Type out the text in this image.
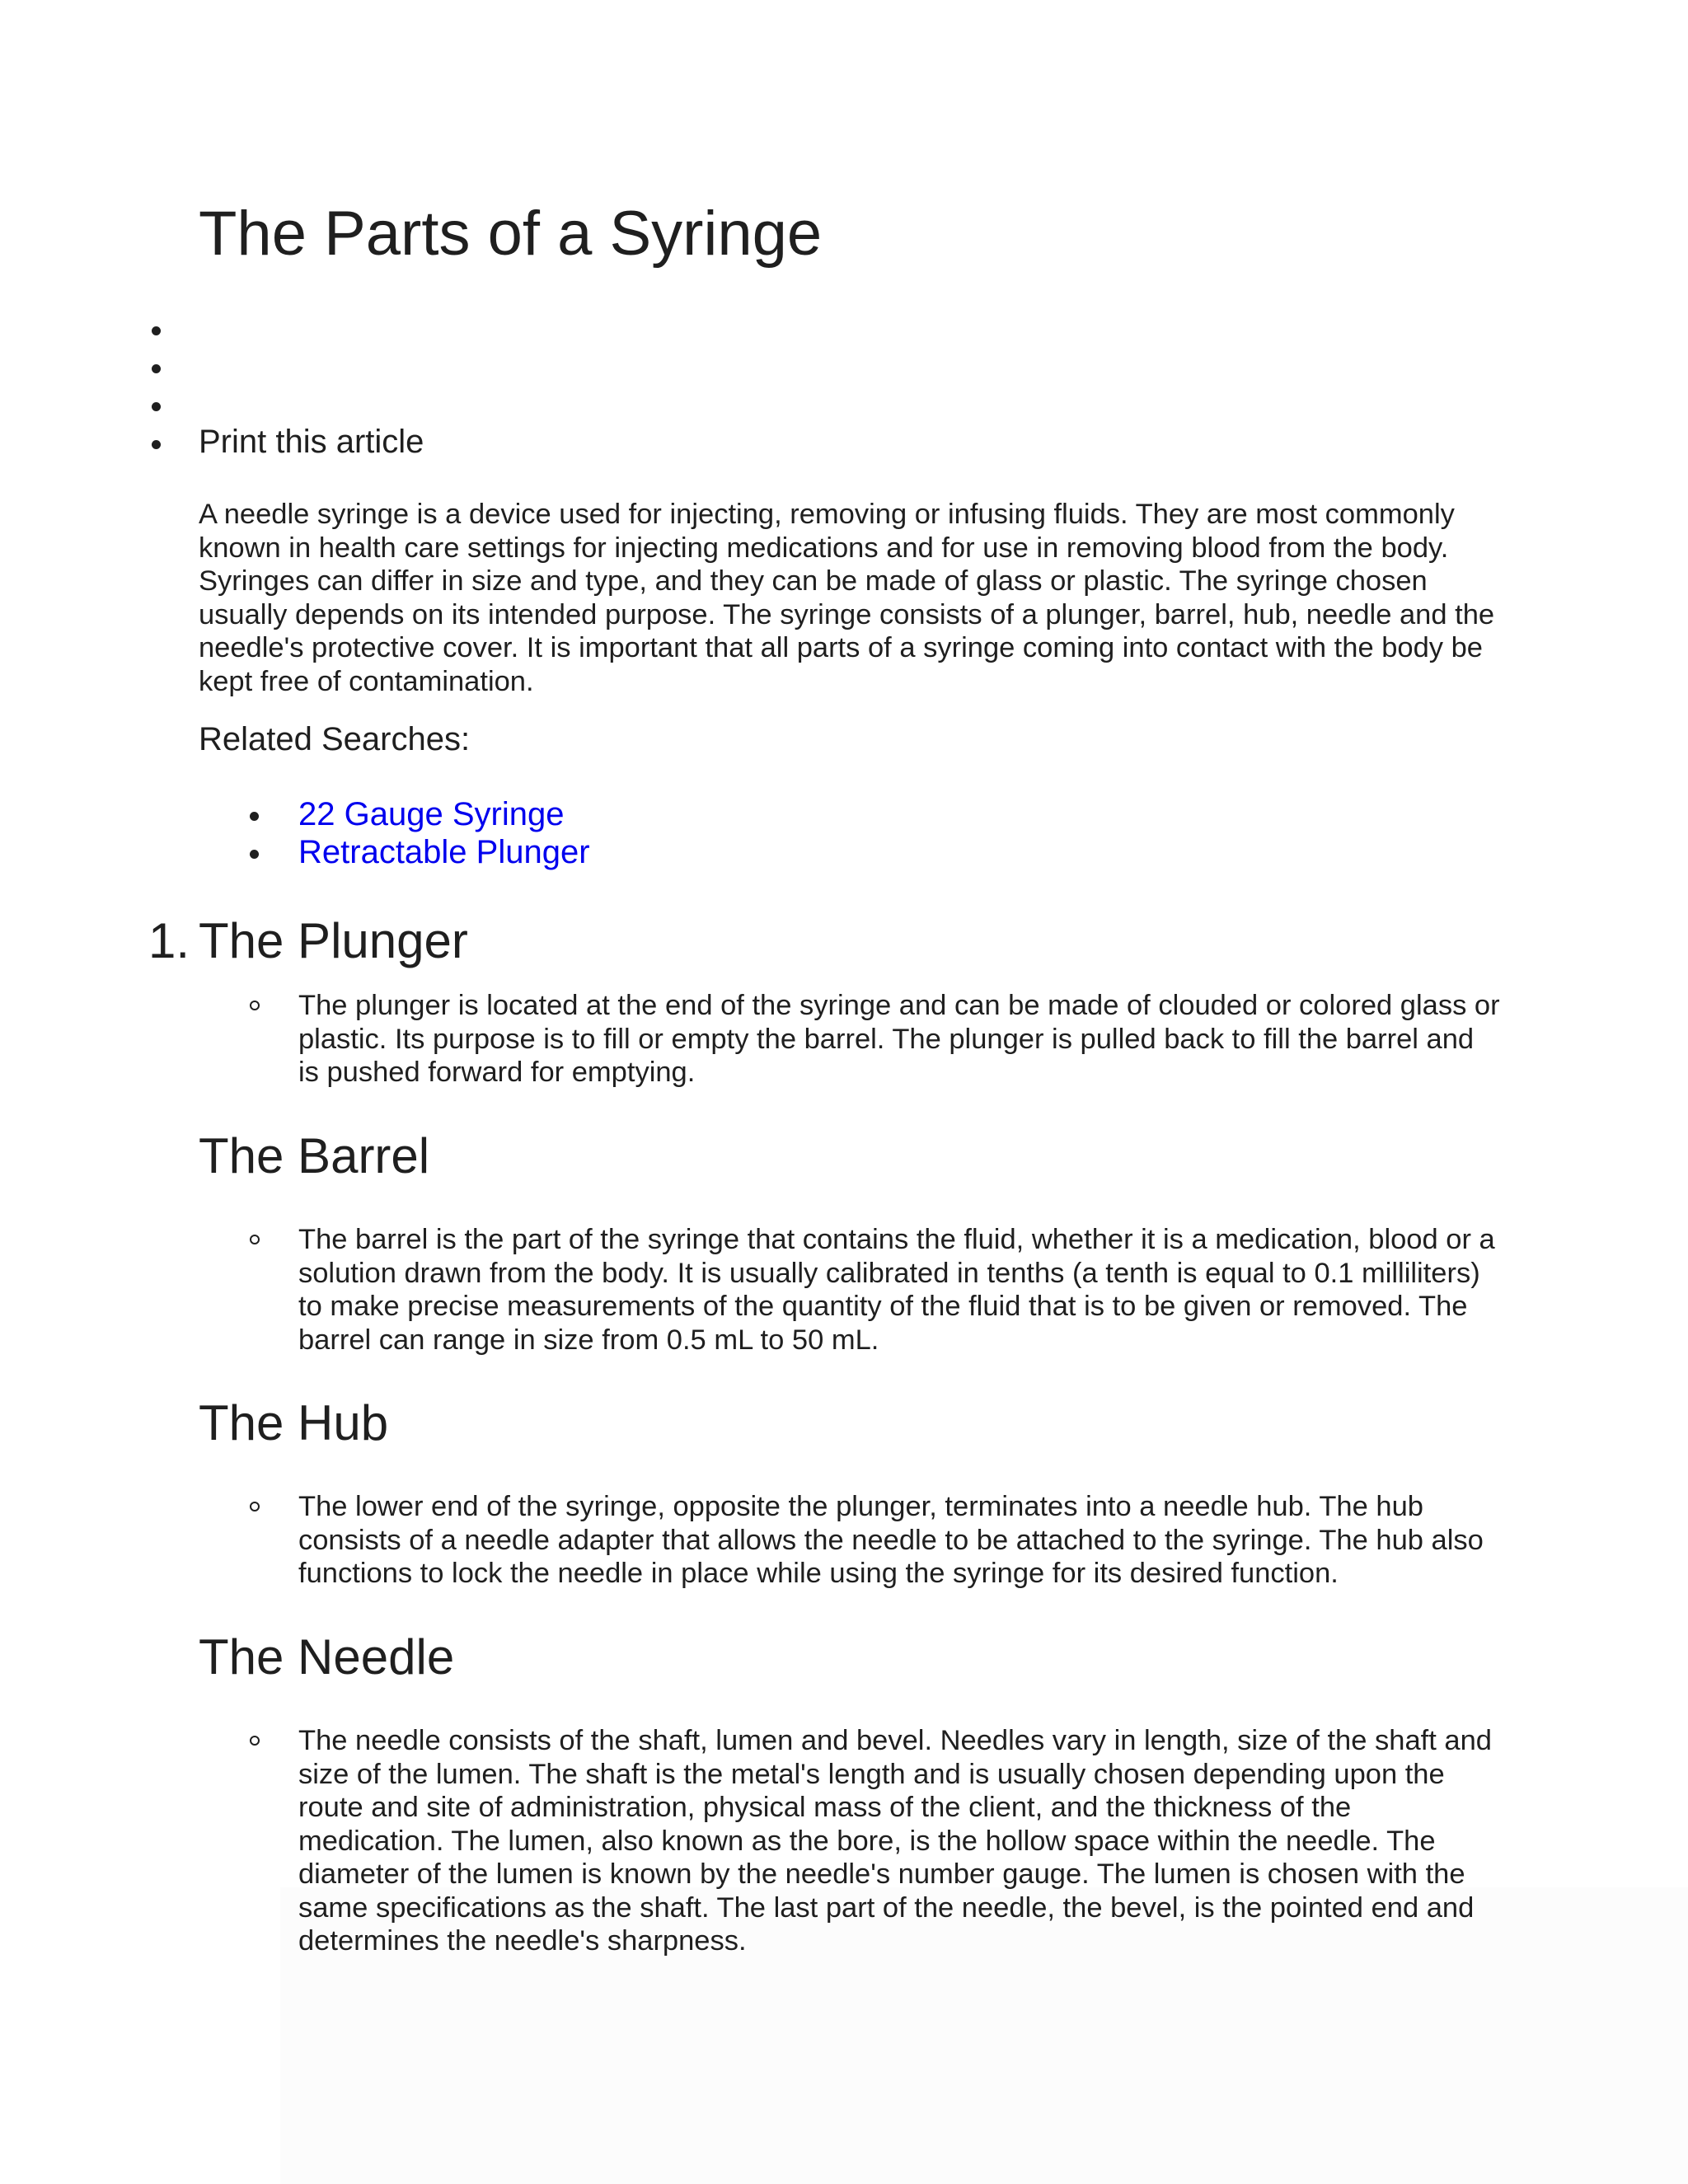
The Parts of a Syringe
Print this article

A needle syringe is a device used for injecting, removing or infusing fluids. They are most commonly known in health care settings for injecting medications and for use in removing blood from the body. Syringes can differ in size and type, and they can be made of glass or plastic. The syringe chosen usually depends on its intended purpose. The syringe consists of a plunger, barrel, hub, needle and the needle's protective cover. It is important that all parts of a syringe coming into contact with the body be kept free of contamination.

Related Searches:
22 Gauge Syringe
Retractable Plunger
1. The Plunger

The plunger is located at the end of the syringe and can be made of clouded or colored glass or plastic. Its purpose is to fill or empty the barrel. The plunger is pulled back to fill the barrel and is pushed forward for emptying.

The Barrel

The barrel is the part of the syringe that contains the fluid, whether it is a medication, blood or a solution drawn from the body. It is usually calibrated in tenths (a tenth is equal to 0.1 milliliters) to make precise measurements of the quantity of the fluid that is to be given or removed. The barrel can range in size from 0.5 mL to 50 mL.

The Hub

The lower end of the syringe, opposite the plunger, terminates into a needle hub. The hub consists of a needle adapter that allows the needle to be attached to the syringe. The hub also functions to lock the needle in place while using the syringe for its desired function.

The Needle

The needle consists of the shaft, lumen and bevel. Needles vary in length, size of the shaft and size of the lumen. The shaft is the metal's length and is usually chosen depending upon the route and site of administration, physical mass of the client, and the thickness of the medication. The lumen, also known as the bore, is the hollow space within the needle. The diameter of the lumen is known by the needle's number gauge. The lumen is chosen with the same specifications as the shaft. The last part of the needle, the bevel, is the pointed end and determines the needle's sharpness.
